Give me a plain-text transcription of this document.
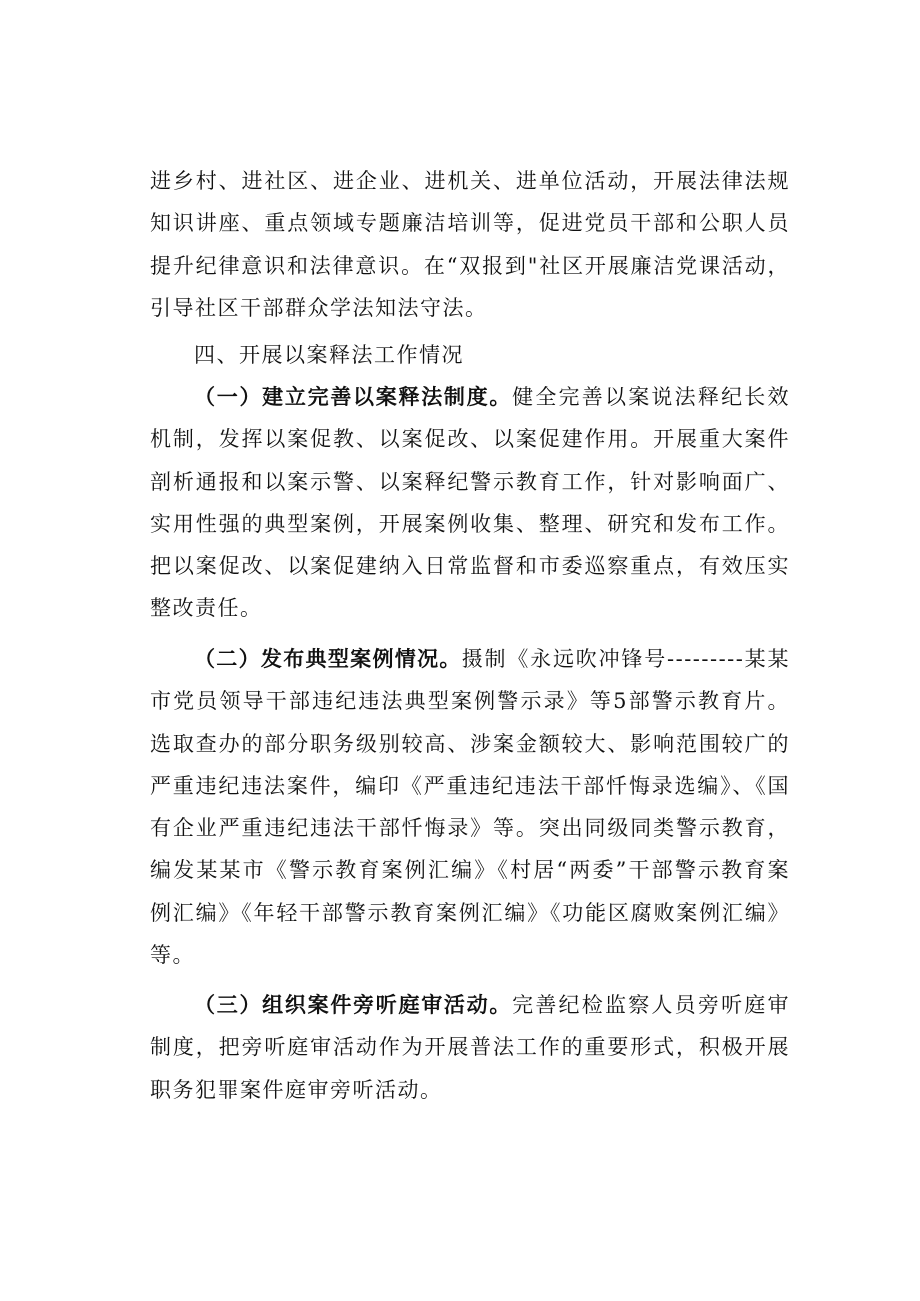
进乡村、进社区、进企业、进机关、进单位活动，开展法律法规知识讲座、重点领域专题廉洁培训等，促进党员干部和公职人员提升纪律意识和法律意识。在“双报到"社区开展廉洁党课活动，引导社区干部群众学法知法守法。

四、开展以案释法工作情况

（一）建立完善以案释法制度。健全完善以案说法释纪长效机制，发挥以案促教、以案促改、以案促建作用。开展重大案件剖析通报和以案示警、以案释纪警示教育工作，针对影响面广、实用性强的典型案例，开展案例收集、整理、研究和发布工作。把以案促改、以案促建纳入日常监督和市委巡察重点，有效压实整改责任。

（二）发布典型案例情况。摄制《永远吹冲锋号---------某某市党员领导干部违纪违法典型案例警示录》等5部警示教育片。选取查办的部分职务级别较高、涉案金额较大、影响范围较广的严重违纪违法案件，编印《严重违纪违法干部忏悔录选编》、《国有企业严重违纪违法干部忏悔录》等。突出同级同类警示教育，编发某某市《警示教育案例汇编》《村居“两委”干部警示教育案例汇编》《年轻干部警示教育案例汇编》《功能区腐败案例汇编》等。

（三）组织案件旁听庭审活动。完善纪检监察人员旁听庭审制度，把旁听庭审活动作为开展普法工作的重要形式，积极开展职务犯罪案件庭审旁听活动。
